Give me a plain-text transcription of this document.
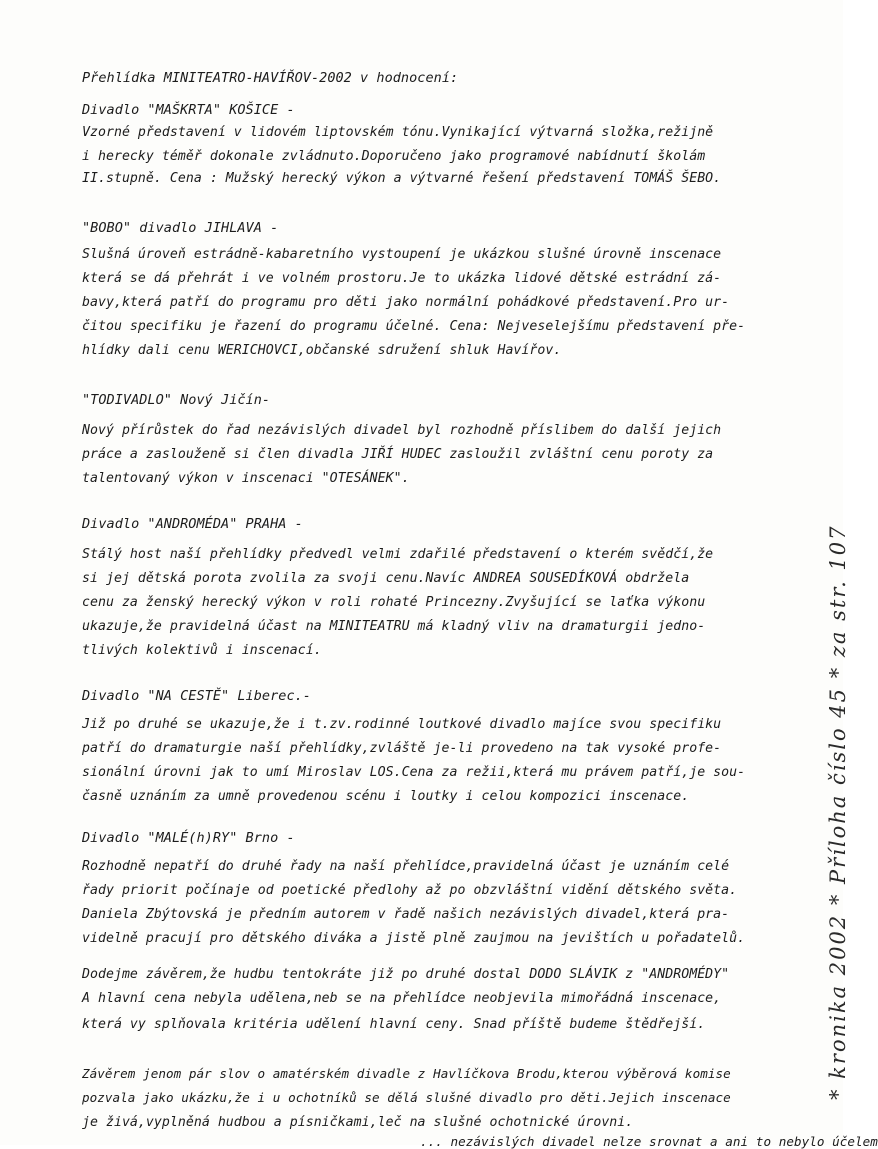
Přehlídka MINITEATRO-HAVÍŘOV-2002 v hodnocení:
Divadlo "MAŠKRTA" KOŠICE -
Vzorné představení v lidovém liptovském tónu.Vynikající výtvarná složka,režijně
i herecky téměř dokonale zvládnuto.Doporučeno jako programové nabídnutí školám
II.stupně. Cena : Mužský herecký výkon a výtvarné řešení představení TOMÁŠ ŠEBO.
"BOBO" divadlo JIHLAVA -
Slušná úroveň estrádně-kabaretního vystoupení je ukázkou slušné úrovně inscenace
která se dá přehrát i ve volném prostoru.Je to ukázka lidové dětské estrádní zá-
bavy,která patří do programu pro děti jako normální pohádkové představení.Pro ur-
čitou specifiku je řazení do programu účelné. Cena: Nejveselejšímu představení pře-
hlídky dali cenu WERICHOVCI,občanské sdružení shluk Havířov.
"TODIVADLO" Nový Jičín-
Nový přírůstek do řad nezávislých divadel byl rozhodně příslibem do další jejich
práce a zaslouženě si člen divadla JIŘÍ HUDEC zasloužil zvláštní cenu poroty za
talentovaný výkon v inscenaci "OTESÁNEK".
Divadlo "ANDROMÉDA" PRAHA -
Stálý host naší přehlídky předvedl velmi zdařilé představení o kterém svědčí,že
si jej dětská porota zvolila za svoji cenu.Navíc ANDREA SOUSEDÍKOVÁ obdržela
cenu za ženský herecký výkon v roli rohaté Princezny.Zvyšující se laťka výkonu
ukazuje,že pravidelná účast na MINITEATRU má kladný vliv na dramaturgii jedno-
tlivých kolektivů i inscenací.
Divadlo "NA CESTĚ" Liberec.-
Již po druhé se ukazuje,že i t.zv.rodinné loutkové divadlo majíce svou specifiku
patří do dramaturgie naší přehlídky,zvláště je-li provedeno na tak vysoké profe-
sionální úrovni jak to umí Miroslav LOS.Cena za režii,která mu právem patří,je sou-
časně uznáním za umně provedenou scénu i loutky i celou kompozici inscenace.
Divadlo "MALÉ(h)RY" Brno -
Rozhodně nepatří do druhé řady na naší přehlídce,pravidelná účast je uznáním celé
řady priorit počínaje od poetické předlohy až po obzvláštní vidění dětského světa.
Daniela Zbýtovská je předním autorem v řadě našich nezávislých divadel,která pra-
videlně pracují pro dětského diváka a jistě plně zaujmou na jevištích u pořadatelů.
Dodejme závěrem,že hudbu tentokráte již po druhé dostal DODO SLÁVIK z "ANDROMÉDY"
A hlavní cena nebyla udělena,neb se na přehlídce neobjevila mimořádná inscenace,
která vy splňovala kritéria udělení hlavní ceny. Snad příště budeme štědřejší.
Závěrem jenom pár slov o amatérském divadle z Havlíčkova Brodu,kterou výběrová komise
pozvala jako ukázku,že i u ochotníků se dělá slušné divadlo pro děti.Jejich inscenace
je živá,vyplněná hudbou a písničkami,leč na slušné ochotnické úrovni.
... nezávislých divadel nelze srovnat a ani to nebylo účelem
* kronika 2002 * Příloha číslo 45 * za str. 107
